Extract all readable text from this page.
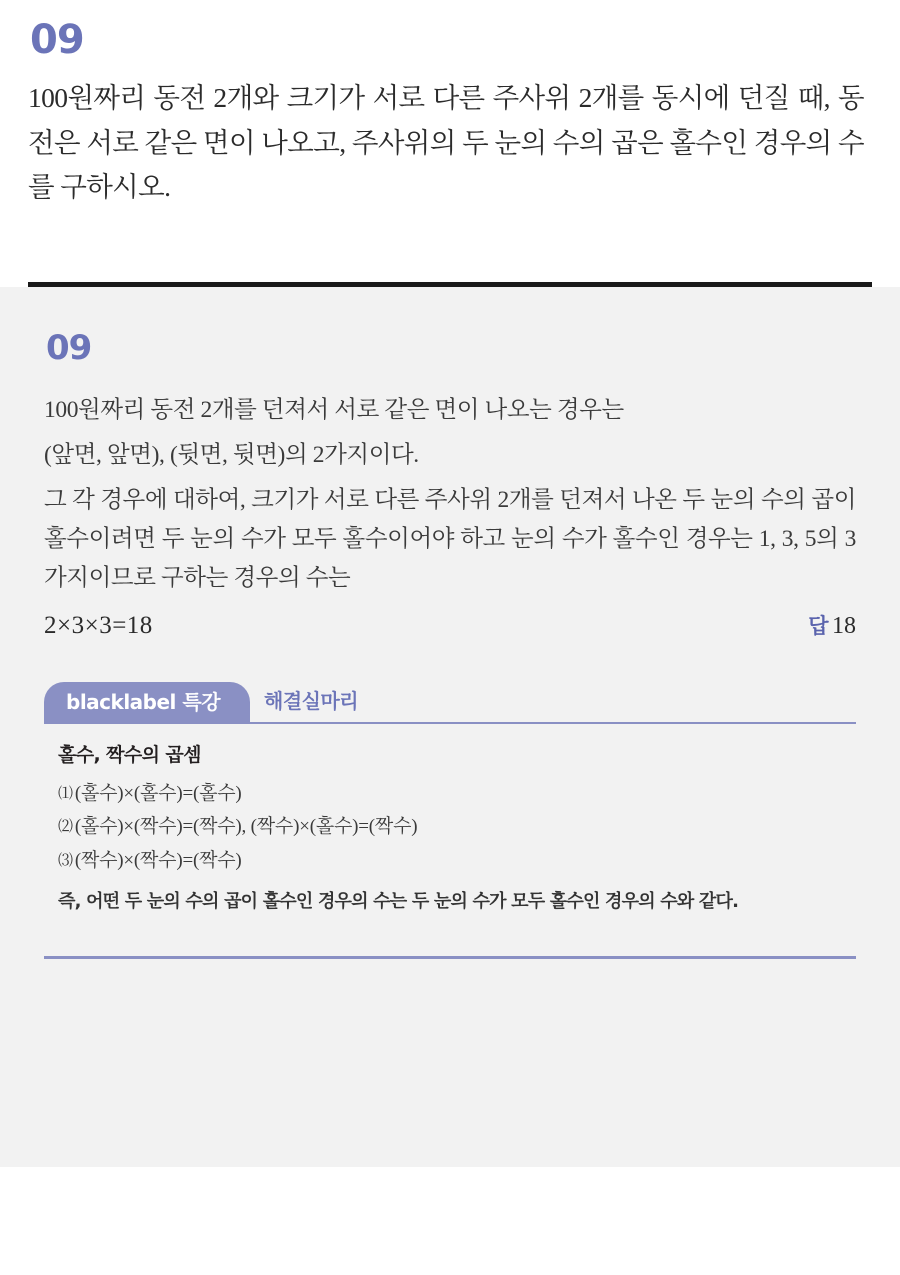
09
100원짜리 동전 2개와 크기가 서로 다른 주사위 2개를 동시에 던질 때, 동전은 서로 같은 면이 나오고, 주사위의 두 눈의 수의 곱은 홀수인 경우의 수를 구하시오.
09

100원짜리 동전 2개를 던져서 서로 같은 면이 나오는 경우는

(앞면, 앞면), (뒷면, 뒷면)의 2가지이다.

그 각 경우에 대하여, 크기가 서로 다른 주사위 2개를 던져서 나온 두 눈의 수의 곱이 홀수이려면 두 눈의 수가 모두 홀수이어야 하고 눈의 수가 홀수인 경우는 1, 3, 5의 3가지이므로 구하는 경우의 수는

2×3×3=18	답 18
blacklabel 특강	해결실마리
홀수, 짝수의 곱셈
⑴ (홀수)×(홀수)=(홀수)
⑵ (홀수)×(짝수)=(짝수), (짝수)×(홀수)=(짝수)
⑶ (짝수)×(짝수)=(짝수)
즉, 어떤 두 눈의 수의 곱이 홀수인 경우의 수는 두 눈의 수가 모두 홀수인 경우의 수와 같다.
